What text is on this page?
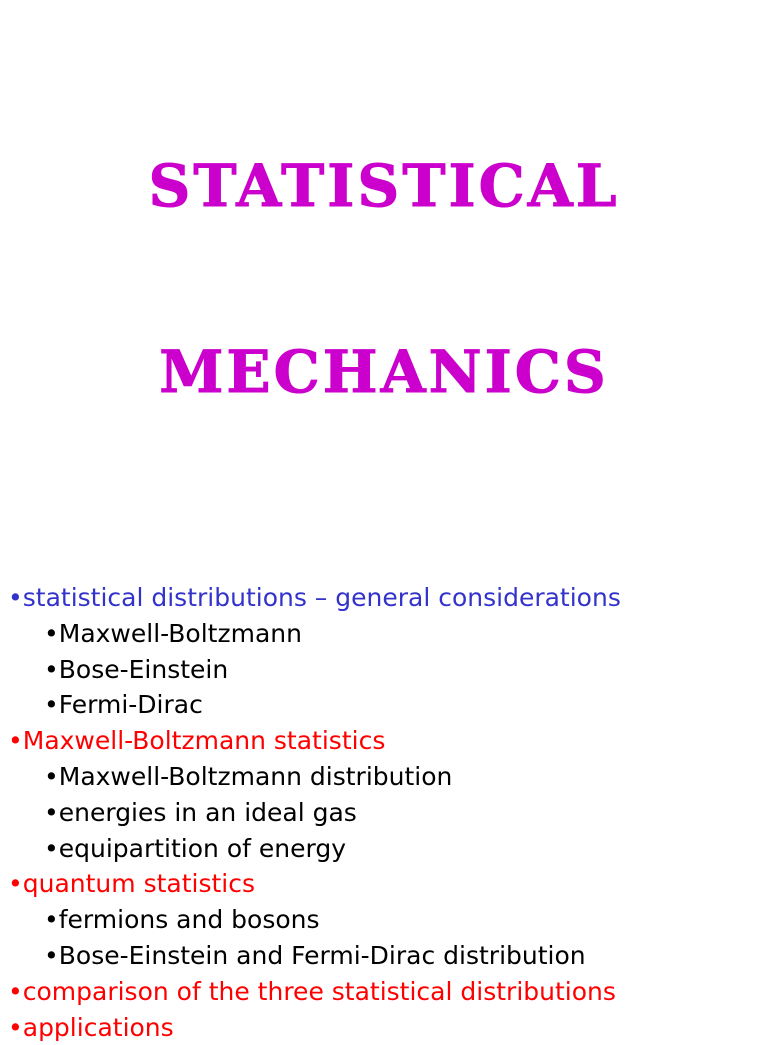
STATISTICAL
MECHANICS
•statistical distributions – general considerations
•Maxwell-Boltzmann
•Bose-Einstein
•Fermi-Dirac
•Maxwell-Boltzmann statistics
•Maxwell-Boltzmann distribution
•energies in an ideal gas
•equipartition of energy
•quantum statistics
•fermions and bosons
•Bose-Einstein and Fermi-Dirac distribution
•comparison of the three statistical distributions
•applications
